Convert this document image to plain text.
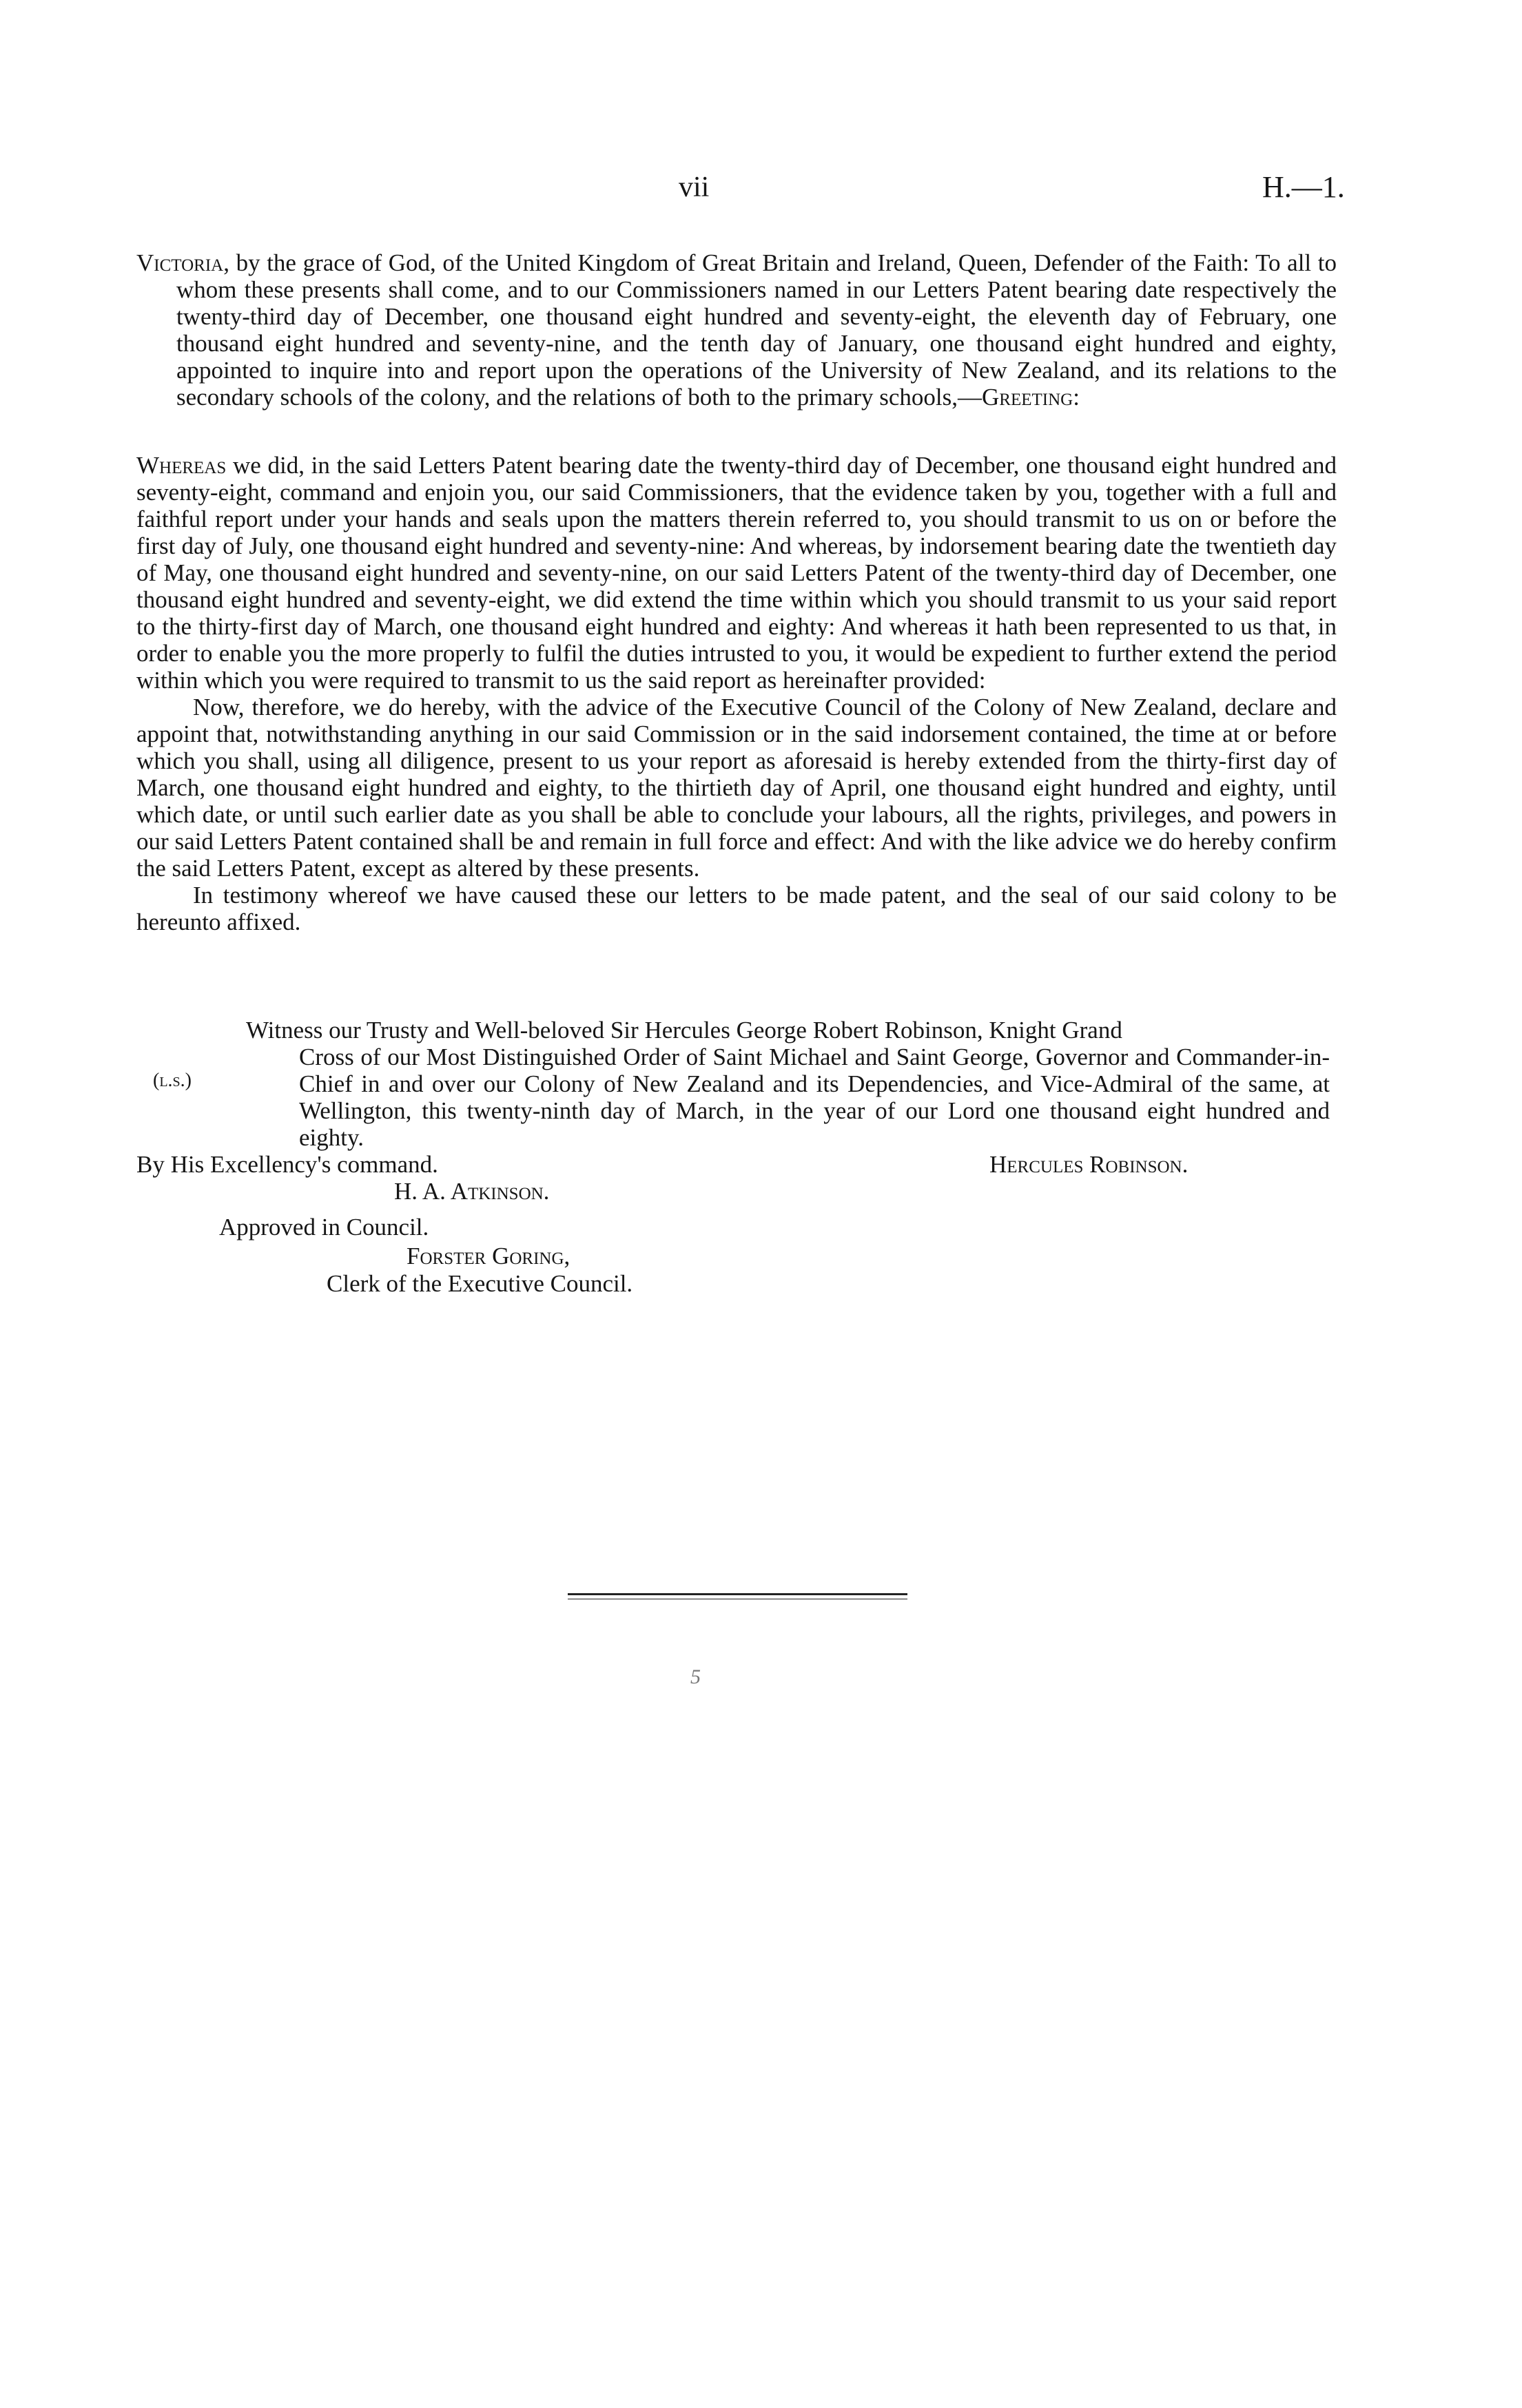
vii	H.—1.
Victoria, by the grace of God, of the United Kingdom of Great Britain and Ireland, Queen, Defender of the Faith: To all to whom these presents shall come, and to our Commissioners named in our Letters Patent bearing date respectively the twenty-third day of December, one thousand eight hundred and seventy-eight, the eleventh day of February, one thousand eight hundred and seventy-nine, and the tenth day of January, one thousand eight hundred and eighty, appointed to inquire into and report upon the operations of the University of New Zealand, and its relations to the secondary schools of the colony, and the relations of both to the primary schools,—Greeting:
Whereas we did, in the said Letters Patent bearing date the twenty-third day of December, one thousand eight hundred and seventy-eight, command and enjoin you, our said Commissioners, that the evidence taken by you, together with a full and faithful report under your hands and seals upon the matters therein referred to, you should transmit to us on or before the first day of July, one thousand eight hundred and seventy-nine: And whereas, by indorsement bearing date the twentieth day of May, one thousand eight hundred and seventy-nine, on our said Letters Patent of the twenty-third day of December, one thousand eight hundred and seventy-eight, we did extend the time within which you should transmit to us your said report to the thirty-first day of March, one thousand eight hundred and eighty: And whereas it hath been represented to us that, in order to enable you the more properly to fulfil the duties intrusted to you, it would be expedient to further extend the period within which you were required to transmit to us the said report as hereinafter provided:
Now, therefore, we do hereby, with the advice of the Executive Council of the Colony of New Zealand, declare and appoint that, notwithstanding anything in our said Commission or in the said indorsement contained, the time at or before which you shall, using all diligence, present to us your report as aforesaid is hereby extended from the thirty-first day of March, one thousand eight hundred and eighty, to the thirtieth day of April, one thousand eight hundred and eighty, until which date, or until such earlier date as you shall be able to conclude your labours, all the rights, privileges, and powers in our said Letters Patent contained shall be and remain in full force and effect: And with the like advice we do hereby confirm the said Letters Patent, except as altered by these presents.
In testimony whereof we have caused these our letters to be made patent, and the seal of our said colony to be hereunto affixed.
Witness our Trusty and Well-beloved Sir Hercules George Robert Robinson, Knight Grand
Cross of our Most Distinguished Order of Saint Michael and Saint George, Governor and Commander-in-Chief in and over our Colony of New Zealand and its Dependencies, and Vice-Admiral of the same, at Wellington, this twenty-ninth day of March, in the year of our Lord one thousand eight hundred and eighty.
(l.s.)
By His Excellency's command.	Hercules Robinson.
H. A. Atkinson.
Approved in Council.
Forster Goring,
Clerk of the Executive Council.
5
